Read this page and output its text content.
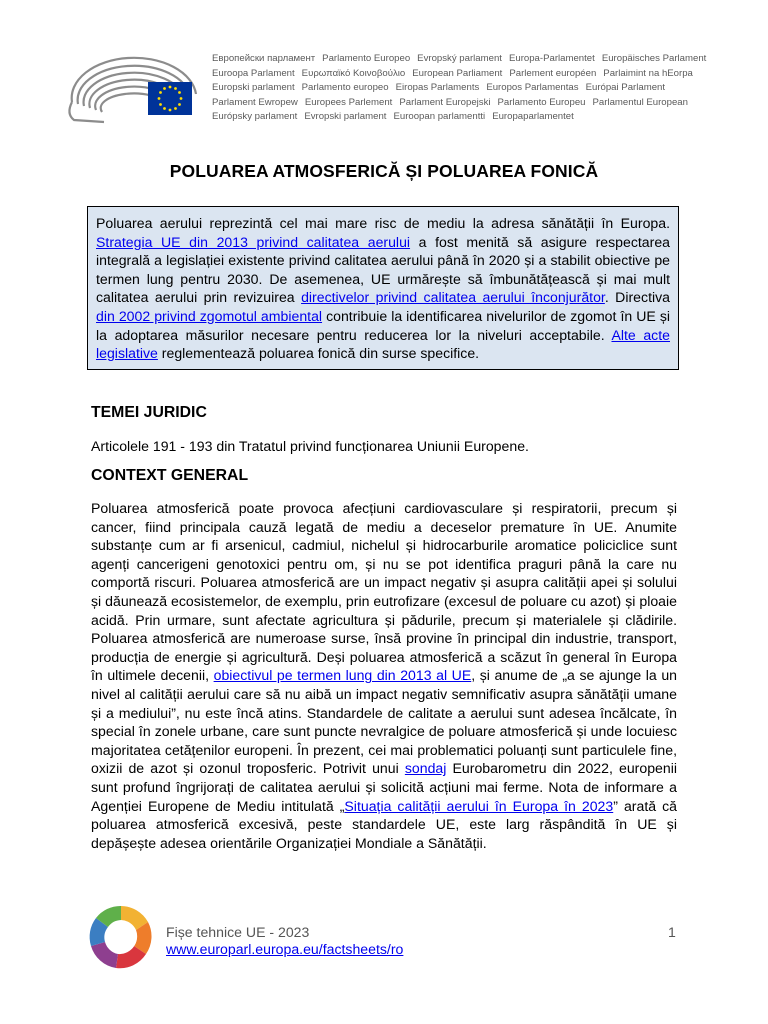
Европейски парламент Parlamento Europeo Evropský parlament Europa-Parlamentet Europäisches Parlament
Euroopa Parlament Ευρωπαϊκό Κοινοβούλιο European Parliament Parlement européen Parlaimint na hEorpa
Europski parlament Parlamento europeo Eiropas Parlaments Europos Parlamentas Európai Parlament
Parlament Ewropew Europees Parlement Parlament Europejski Parlamento Europeu Parlamentul European
Európsky parlament Evropski parlament Euroopan parlamentti Europaparlamentet
POLUAREA ATMOSFERICĂ ȘI POLUAREA FONICĂ
Poluarea aerului reprezintă cel mai mare risc de mediu la adresa sănătății în Europa. Strategia UE din 2013 privind calitatea aerului a fost menită să asigure respectarea integrală a legislației existente privind calitatea aerului până în 2020 și a stabilit obiective pe termen lung pentru 2030. De asemenea, UE urmărește să îmbunătățească și mai mult calitatea aerului prin revizuirea directivelor privind calitatea aerului înconjurător. Directiva din 2002 privind zgomotul ambiental contribuie la identificarea nivelurilor de zgomot în UE și la adoptarea măsurilor necesare pentru reducerea lor la niveluri acceptabile. Alte acte legislative reglementează poluarea fonică din surse specifice.
TEMEI JURIDIC
Articolele 191 - 193 din Tratatul privind funcționarea Uniunii Europene.
CONTEXT GENERAL
Poluarea atmosferică poate provoca afecțiuni cardiovasculare și respiratorii, precum și cancer, fiind principala cauză legată de mediu a deceselor premature în UE. Anumite substanțe cum ar fi arsenicul, cadmiul, nichelul și hidrocarburile aromatice policiclice sunt agenți cancerigeni genotoxici pentru om, și nu se pot identifica praguri până la care nu comportă riscuri. Poluarea atmosferică are un impact negativ și asupra calității apei și solului și dăunează ecosistemelor, de exemplu, prin eutrofizare (excesul de poluare cu azot) și ploaie acidă. Prin urmare, sunt afectate agricultura și pădurile, precum și materialele și clădirile. Poluarea atmosferică are numeroase surse, însă provine în principal din industrie, transport, producția de energie și agricultură. Deși poluarea atmosferică a scăzut în general în Europa în ultimele decenii, obiectivul pe termen lung din 2013 al UE, și anume de „a se ajunge la un nivel al calității aerului care să nu aibă un impact negativ semnificativ asupra sănătății umane și a mediului”, nu este încă atins. Standardele de calitate a aerului sunt adesea încălcate, în special în zonele urbane, care sunt puncte nevralgice de poluare atmosferică și unde locuiesc majoritatea cetățenilor europeni. În prezent, cei mai problematici poluanți sunt particulele fine, oxizii de azot și ozonul troposferic. Potrivit unui sondaj Eurobarometru din 2022, europenii sunt profund îngrijorați de calitatea aerului și solicită acțiuni mai ferme. Nota de informare a Agenției Europene de Mediu intitulată „Situația calității aerului în Europa în 2023” arată că poluarea atmosferică excesivă, peste standardele UE, este larg răspândită în UE și depășește adesea orientările Organizației Mondiale a Sănătății.
Fișe tehnice UE - 2023
www.europarl.europa.eu/factsheets/ro
1
